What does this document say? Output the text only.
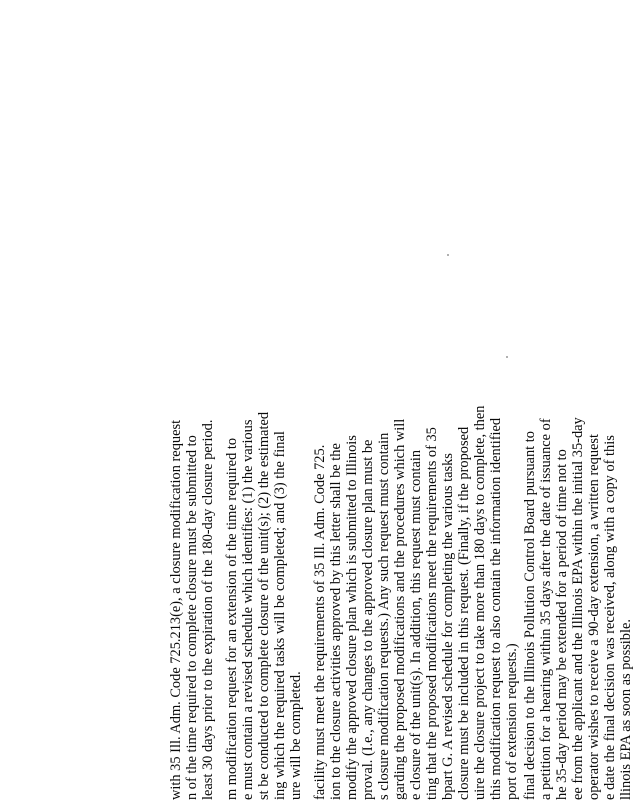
with 35 Ill. Adm. Code 725.213(e), a closure modification request n of the time required to complete closure must be submitted to least 30 days prior to the expiration of the 180-day closure period. m modification request for an extension of the time required to e must contain a revised schedule which identifies: (1) the various st be conducted to complete closure of the unit(s); (2) the estimated ing which the required tasks will be completed; and (3) the final ure will be completed. facility must meet the requirements of 35 Ill. Adm. Code 725. ion to the closure activities approved by this letter shall be the modify the approved closure plan which is submitted to Illinois proval. (I.e., any changes to the approved closure plan must be s closure modification requests.) Any such request must contain garding the proposed modifications and the procedures which will e closure of the unit(s). In addition, this request must contain ting that the proposed modifications meet the requirements of 35 bpart G. A revised schedule for completing the various tasks closure must be included in this request. (Finally, if the proposed uire the closure project to take more than 180 days to complete, then this modification request to also contain the information identified port of extension requests.) final decision to the Illinois Pollution Control Board pursuant to a petition for a hearing within 35 days after the date of issuance of he 35-day period may be extended for a period of time not to ee from the applicant and the Illinois EPA within the initial 35-day operator wishes to receive a 90-day extension, a written request e date the final decision was received, along with a copy of this llinois EPA as soon as possible.
